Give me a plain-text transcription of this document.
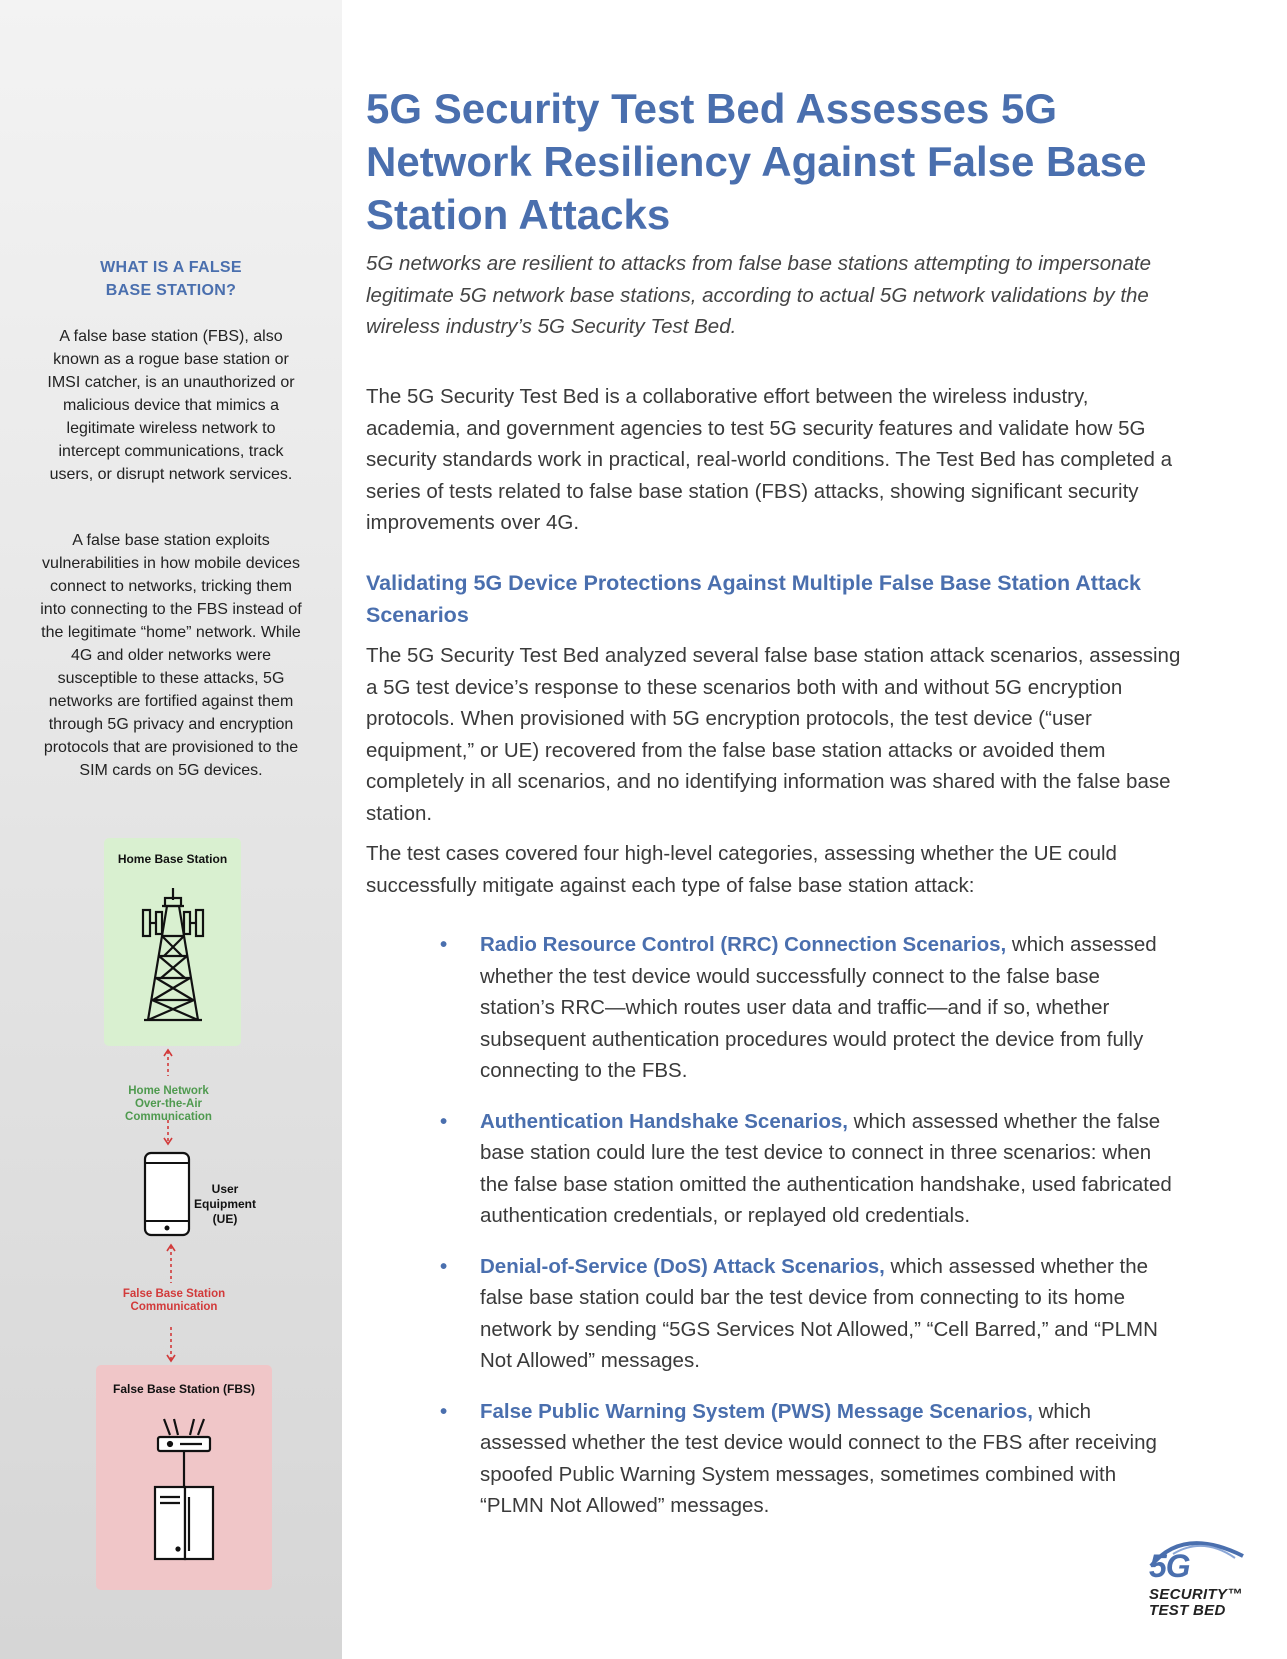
WHAT IS A FALSE
BASE STATION?
A false base station (FBS), also known as a rogue base station or IMSI catcher, is an unauthorized or malicious device that mimics a legitimate wireless network to intercept communications, track users, or disrupt network services.
A false base station exploits vulnerabilities in how mobile devices connect to networks, tricking them into connecting to the FBS instead of the legitimate “home” network. While 4G and older networks were susceptible to these attacks, 5G networks are fortified against them through 5G privacy and encryption protocols that are provisioned to the SIM cards on 5G devices.
Home Base Station
Home Network
Over-the-Air
Communication
User
Equipment
(UE)
False Base Station
Communication
False Base Station (FBS)
5G Security Test Bed Assesses 5G Network Resiliency Against False Base Station Attacks
5G networks are resilient to attacks from false base stations attempting to impersonate legitimate 5G network base stations, according to actual 5G network validations by the wireless industry’s 5G Security Test Bed.
The 5G Security Test Bed is a collaborative effort between the wireless industry, academia, and government agencies to test 5G security features and validate how 5G security standards work in practical, real-world conditions. The Test Bed has completed a series of tests related to false base station (FBS) attacks, showing significant security improvements over 4G.
Validating 5G Device Protections Against Multiple False Base Station Attack Scenarios
The 5G Security Test Bed analyzed several false base station attack scenarios, assessing a 5G test device’s response to these scenarios both with and without 5G encryption protocols. When provisioned with 5G encryption protocols, the test device (“user equipment,” or UE) recovered from the false base station attacks or avoided them completely in all scenarios, and no identifying information was shared with the false base station.
The test cases covered four high-level categories, assessing whether the UE could successfully mitigate against each type of false base station attack:
• Radio Resource Control (RRC) Connection Scenarios, which assessed whether the test device would successfully connect to the false base station’s RRC—which routes user data and traffic—and if so, whether subsequent authentication procedures would protect the device from fully connecting to the FBS.
• Authentication Handshake Scenarios, which assessed whether the false base station could lure the test device to connect in three scenarios: when the false base station omitted the authentication handshake, used fabricated authentication credentials, or replayed old credentials.
• Denial-of-Service (DoS) Attack Scenarios, which assessed whether the false base station could bar the test device from connecting to its home network by sending “5GS Services Not Allowed,” “Cell Barred,” and “PLMN Not Allowed” messages.
• False Public Warning System (PWS) Message Scenarios, which assessed whether the test device would connect to the FBS after receiving spoofed Public Warning System messages, sometimes combined with “PLMN Not Allowed” messages.
5G
SECURITY™
TEST BED
